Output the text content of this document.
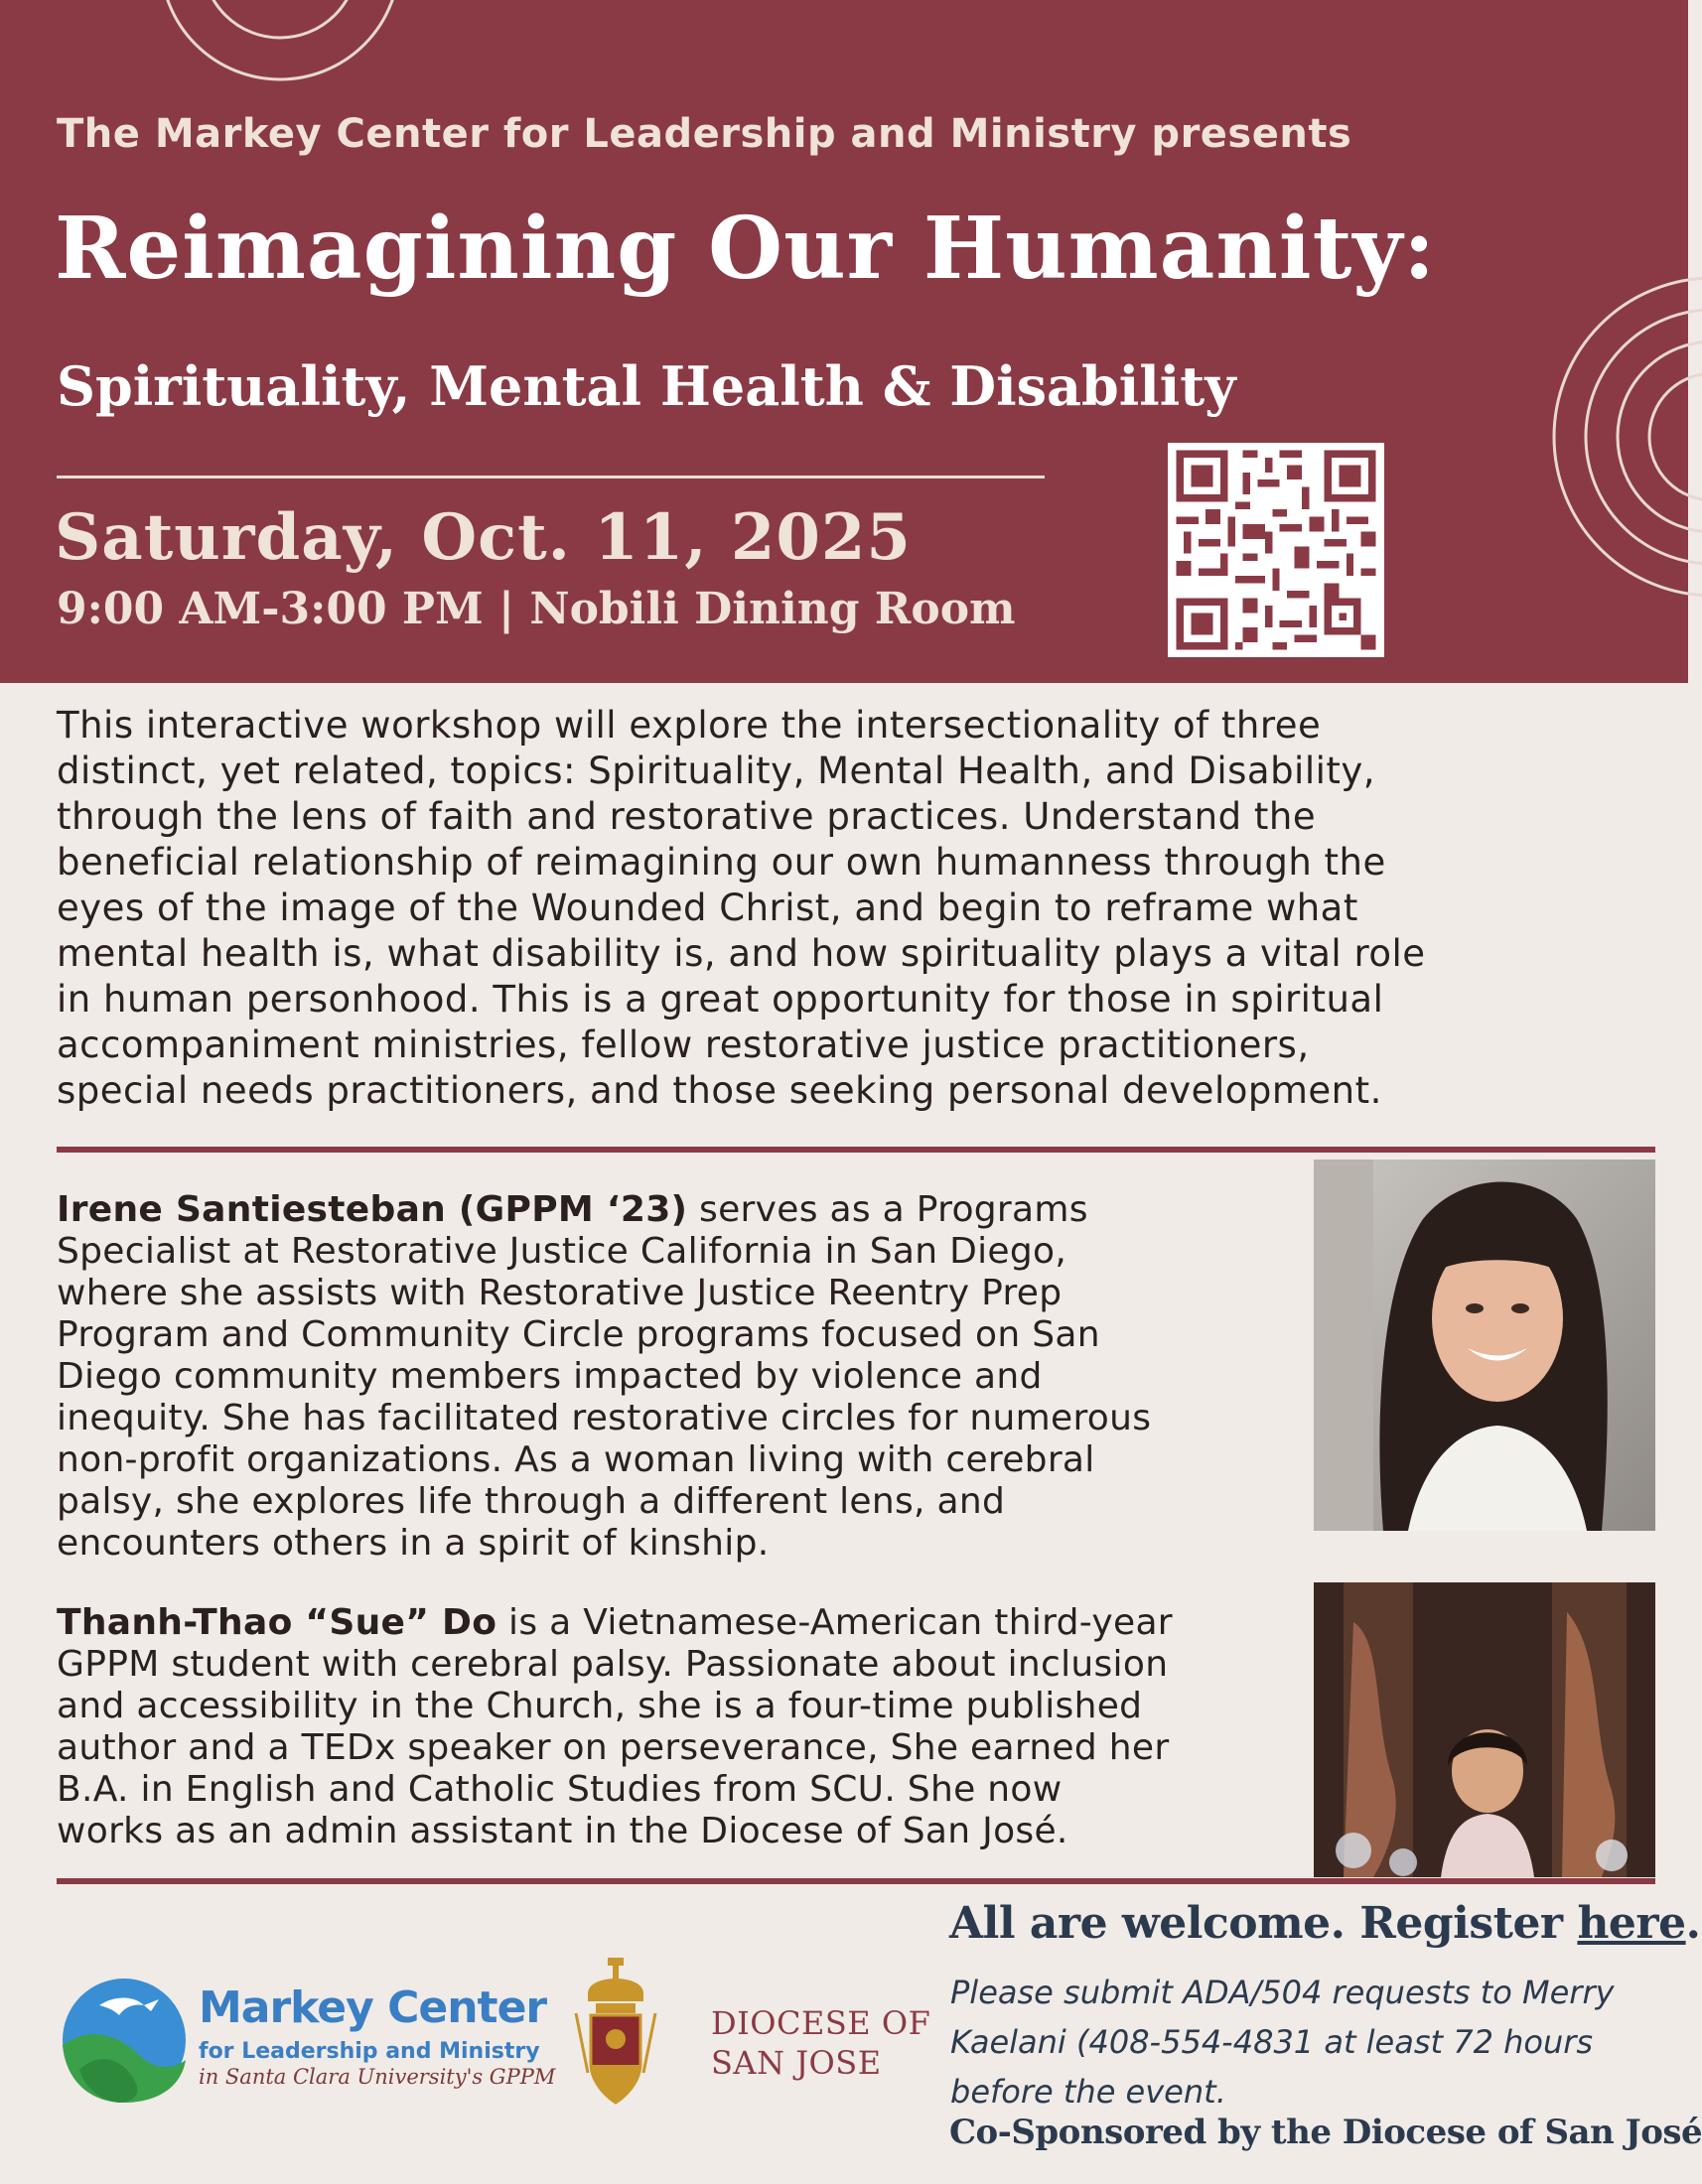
The Markey Center for Leadership and Ministry presents
Reimagining Our Humanity:
Spirituality, Mental Health & Disability
Saturday, Oct. 11, 2025
9:00 AM-3:00 PM | Nobili Dining Room
This interactive workshop will explore the intersectionality of three
distinct, yet related, topics: Spirituality, Mental Health, and Disability,
through the lens of faith and restorative practices. Understand the
beneficial relationship of reimagining our own humanness through the
eyes of the image of the Wounded Christ, and begin to reframe what
mental health is, what disability is, and how spirituality plays a vital role
in human personhood. This is a great opportunity for those in spiritual
accompaniment ministries, fellow restorative justice practitioners,
special needs practitioners, and those seeking personal development.
Irene Santiesteban (GPPM ‘23) serves as a Programs
Specialist at Restorative Justice California in San Diego,
where she assists with Restorative Justice Reentry Prep
Program and Community Circle programs focused on San
Diego community members impacted by violence and
inequity. She has facilitated restorative circles for numerous
non-profit organizations. As a woman living with cerebral
palsy, she explores life through a different lens, and
encounters others in a spirit of kinship.
Thanh-Thao “Sue” Do is a Vietnamese-American third-year
GPPM student with cerebral palsy. Passionate about inclusion
and accessibility in the Church, she is a four-time published
author and a TEDx speaker on perseverance, She earned her
B.A. in English and Catholic Studies from SCU. She now
works as an admin assistant in the Diocese of San José.
All are welcome. Register here.
Please submit ADA/504 requests to Merry
Kaelani (408-554-4831 at least 72 hours
before the event.
Co-Sponsored by the Diocese of San José
Markey Center
for Leadership and Ministry
in Santa Clara University's GPPM
DIOCESE OF
SAN JOSE
